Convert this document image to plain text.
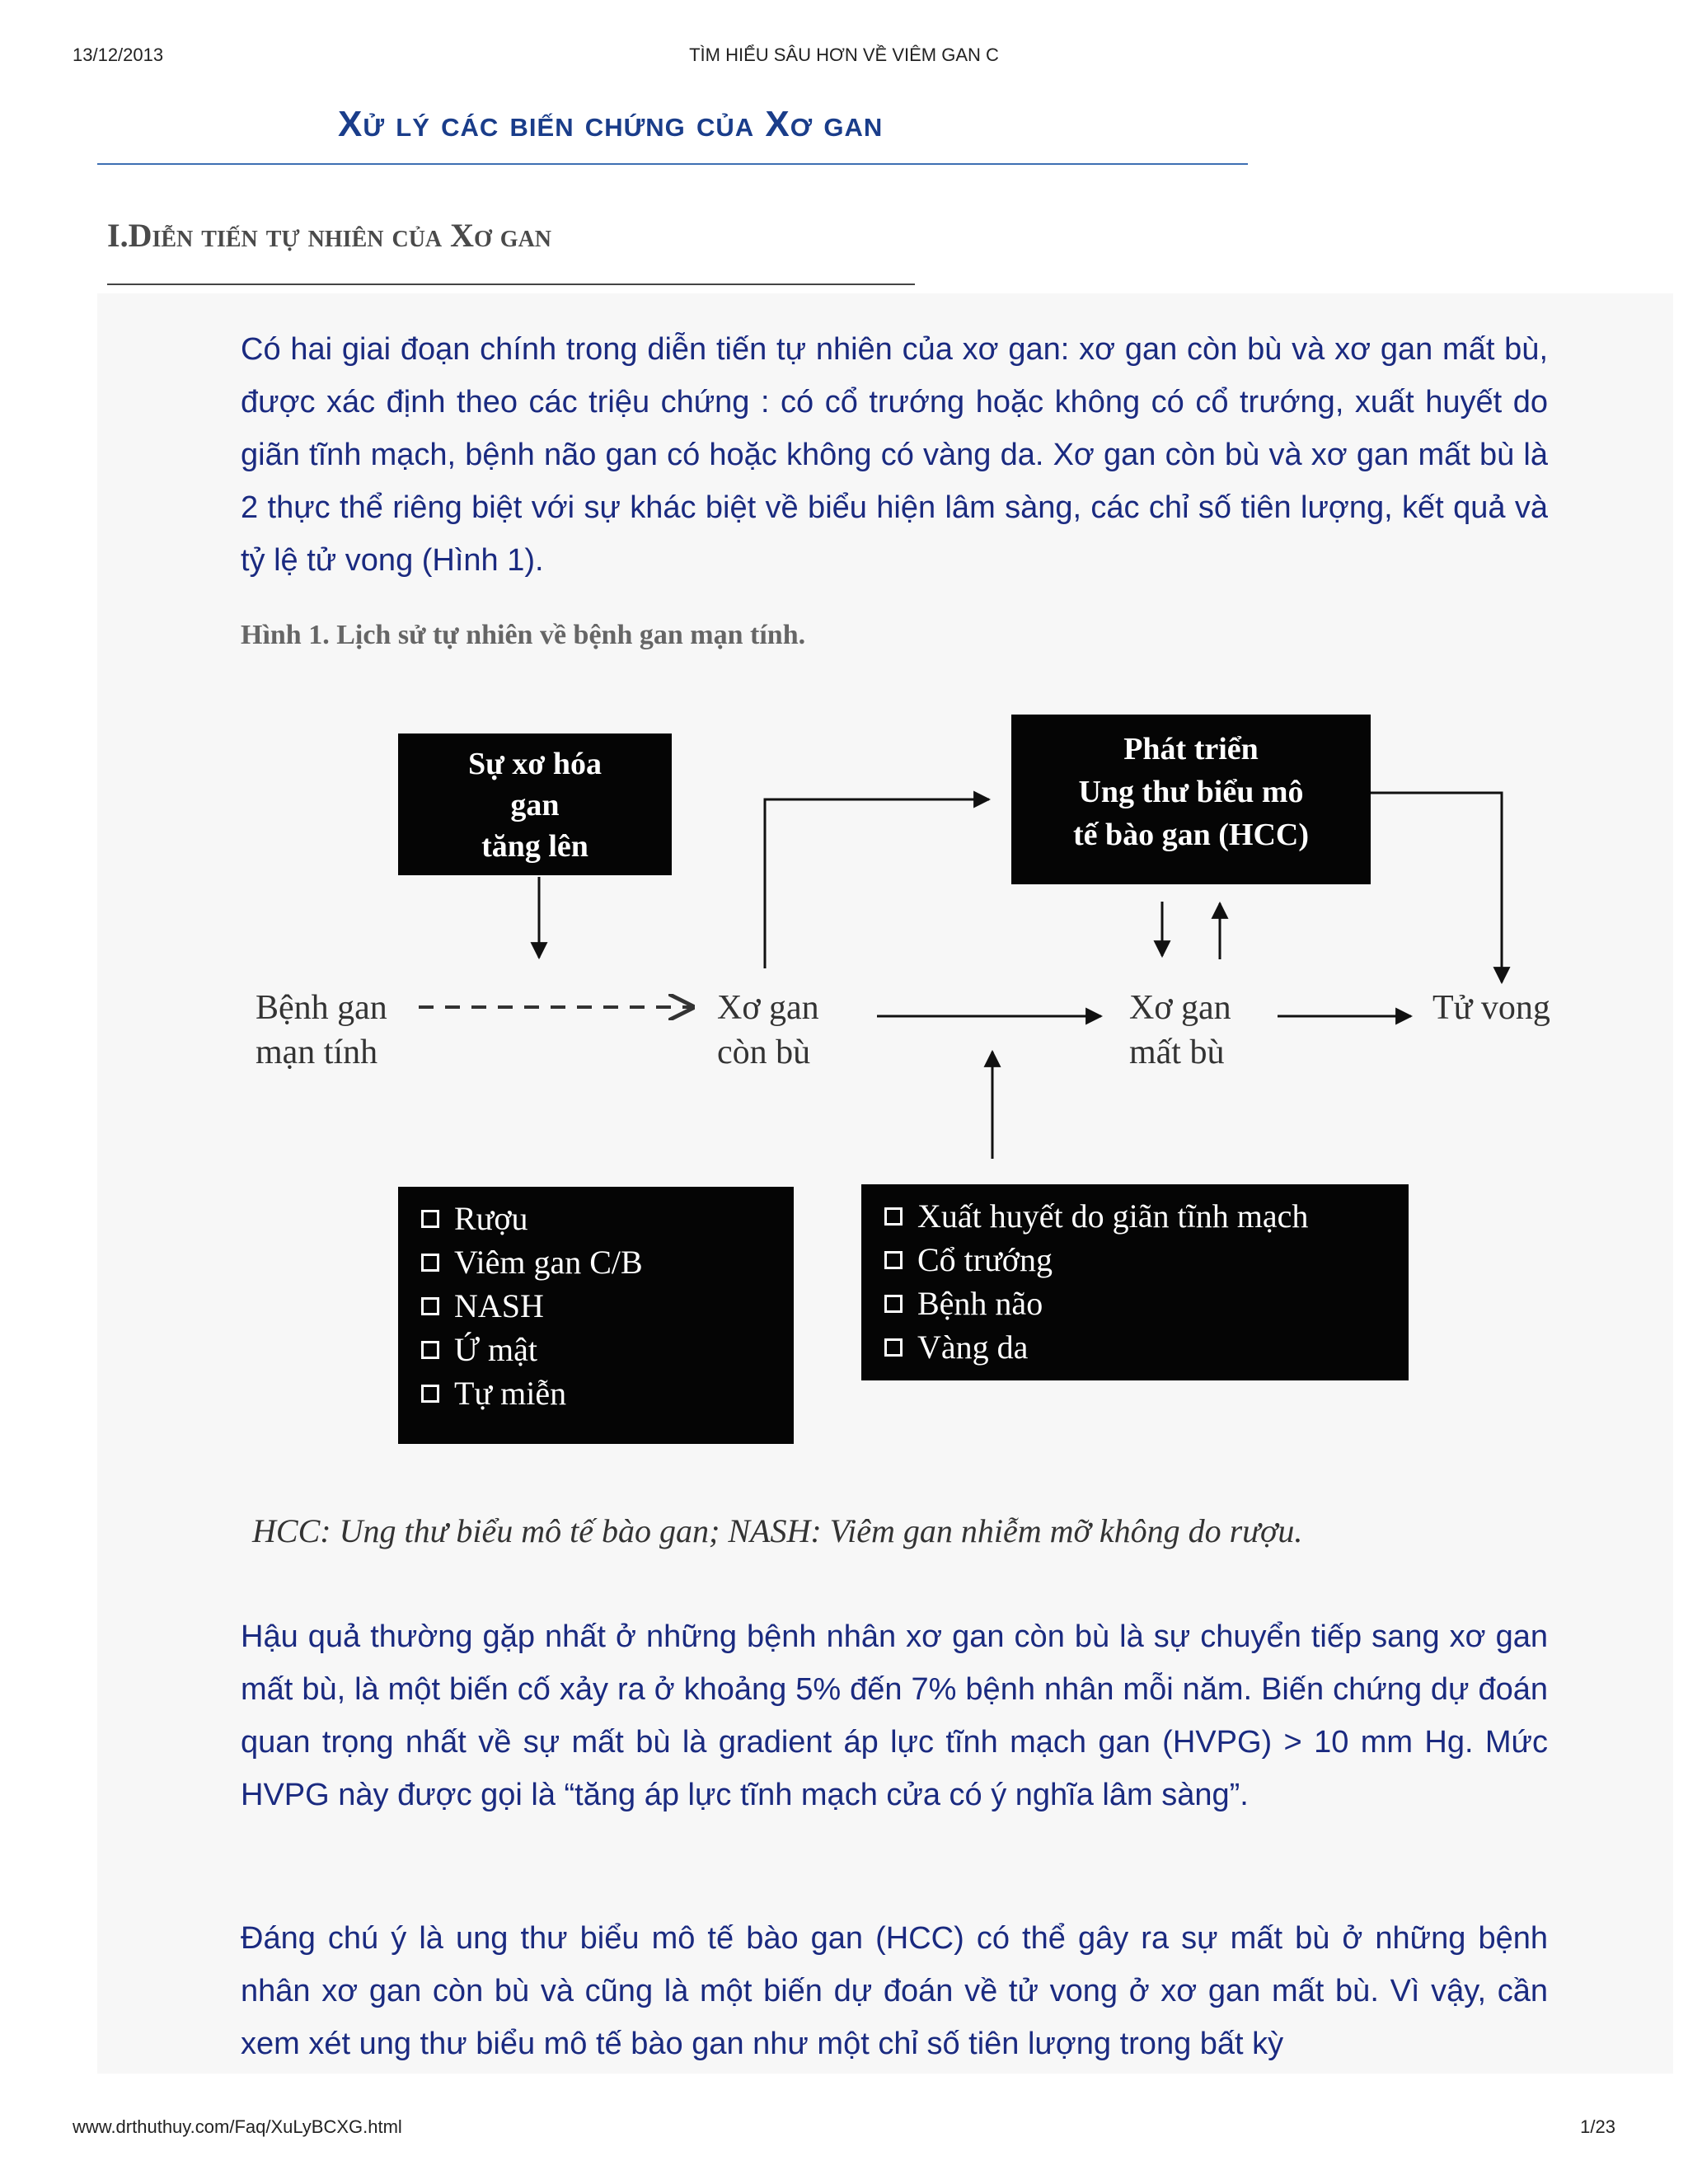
13/12/2013	TÌM HIỂU SÂU HƠN VỀ VIÊM GAN C
Xử lý các biến chứng của Xơ gan
I.Diễn tiến tự nhiên của Xơ gan
Có hai giai đoạn chính trong diễn tiến tự nhiên của xơ gan: xơ gan còn bù và xơ gan mất bù, được xác định theo các triệu chứng : có cổ trướng hoặc không có cổ trướng, xuất huyết do giãn tĩnh mạch, bệnh não gan có hoặc không có vàng da. Xơ gan còn bù và xơ gan mất bù là 2 thực thể riêng biệt với sự khác biệt về biểu hiện lâm sàng, các chỉ số tiên lượng, kết quả và tỷ lệ tử vong (Hình 1).
Hình 1. Lịch sử tự nhiên về bệnh gan mạn tính.
Sự xơ hóa
gan
tăng lên
Phát triển
Ung thư biểu mô
tế bào gan (HCC)
Bệnh gan
mạn tính
Xơ gan
còn bù
Xơ gan
mất bù
Tử vong
Rượu
Viêm gan C/B
NASH
Ứ mật
Tự miễn
Xuất huyết do giãn tĩnh mạch
Cổ trướng
Bệnh não
Vàng da
HCC: Ung thư biểu mô tế bào gan; NASH: Viêm gan nhiễm mỡ không do rượu.
Hậu quả thường gặp nhất ở những bệnh nhân xơ gan còn bù là sự chuyển tiếp sang xơ gan mất bù, là một biến cố xảy ra ở khoảng 5% đến 7% bệnh nhân mỗi năm. Biến chứng dự đoán quan trọng nhất về sự mất bù là gradient áp lực tĩnh mạch gan (HVPG) > 10 mm Hg. Mức HVPG này được gọi là “tăng áp lực tĩnh mạch cửa có ý nghĩa lâm sàng”.
Đáng chú ý là ung thư biểu mô tế bào gan (HCC) có thể gây ra sự mất bù ở những bệnh nhân xơ gan còn bù và cũng là một biến dự đoán về tử vong ở xơ gan mất bù. Vì vậy, cần xem xét ung thư biểu mô tế bào gan như một chỉ số tiên lượng trong bất kỳ
www.drthuthuy.com/Faq/XuLyBCXG.html	1/23
